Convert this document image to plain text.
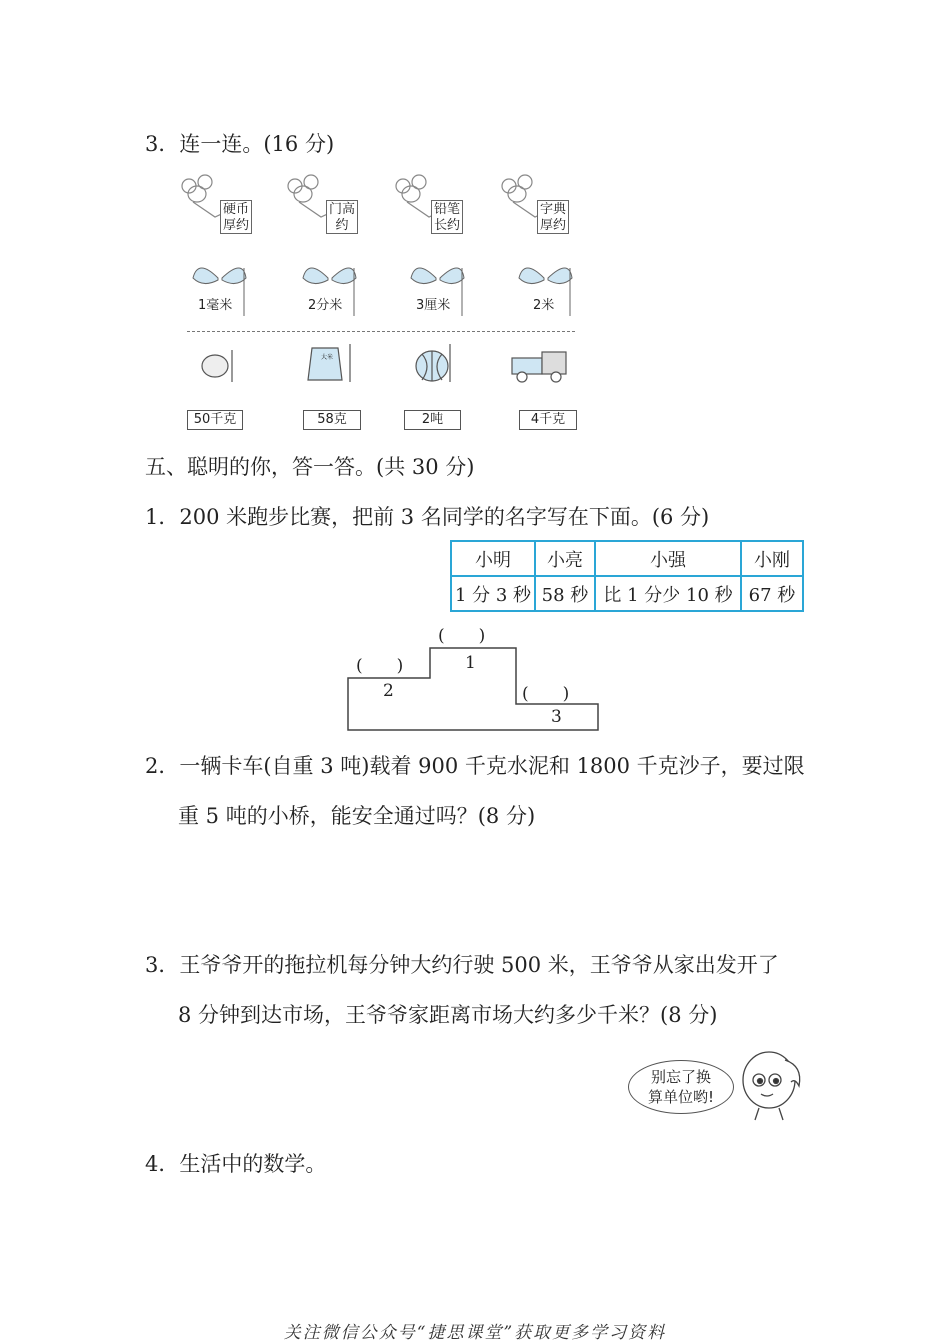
3．连一连。(16 分)
硬币厚约
门高约
铅笔长约
字典厚约
1毫米	2分米	3厘米	2米
大米
50千克	58克	2吨	4千克
五、聪明的你，答一答。(共 30 分)
1．200 米跑步比赛，把前 3 名同学的名字写在下面。(6 分)
小明	小亮	小强	小刚
1 分 3 秒	58 秒	比 1 分少 10 秒	67 秒
(　　)
(　　)
(　　)
1
2
3
2．一辆卡车(自重 3 吨)载着 900 千克水泥和 1800 千克沙子，要过限
重 5 吨的小桥，能安全通过吗？(8 分)
3．王爷爷开的拖拉机每分钟大约行驶 500 米，王爷爷从家出发开了
8 分钟到达市场，王爷爷家距离市场大约多少千米？(8 分)
别忘了换
算单位哟!
4．生活中的数学。
关注微信公众号“捷思课堂”获取更多学习资料
